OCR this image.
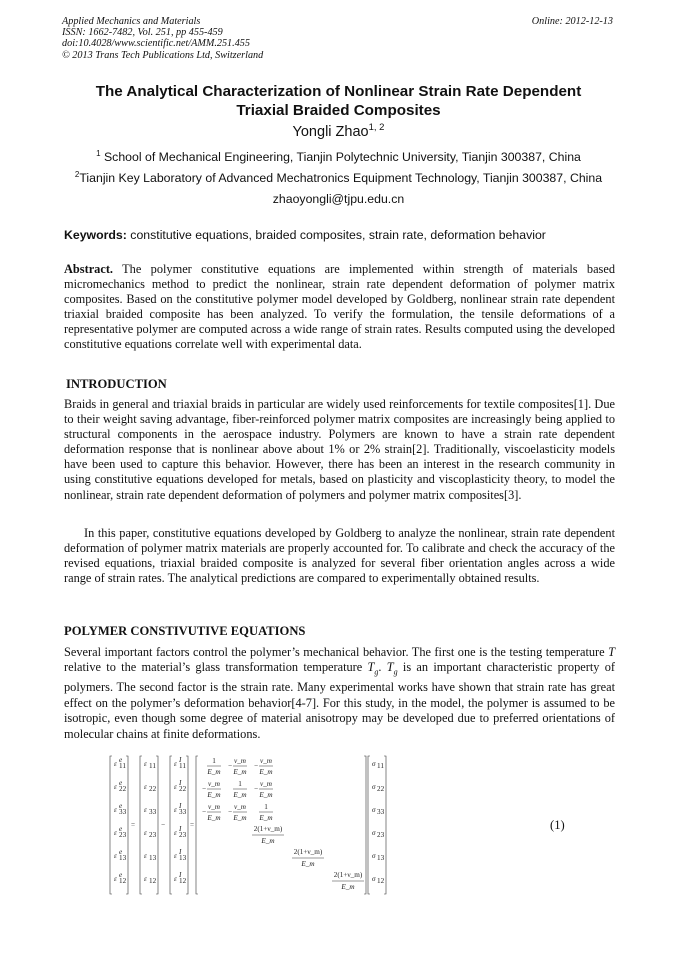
Applied Mechanics and Materials
ISSN: 1662-7482, Vol. 251, pp 455-459
doi:10.4028/www.scientific.net/AMM.251.455
© 2013 Trans Tech Publications Ltd, Switzerland
Online: 2012-12-13
The Analytical Characterization of Nonlinear Strain Rate Dependent
Triaxial Braided Composites
Yongli Zhao$^{1, 2}$
$^1$ School of Mechanical Engineering, Tianjin Polytechnic University, Tianjin 300387, China
$^2$Tianjin Key Laboratory of Advanced Mechatronics Equipment Technology, Tianjin 300387, China
zhaoyongli@tjpu.edu.cn
Keywords: constitutive equations, braided composites, strain rate, deformation behavior

Abstract. The polymer constitutive equations are implemented within strength of materials based micromechanics method to predict the nonlinear, strain rate dependent deformation of polymer matrix composites. Based on the constitutive polymer model developed by Goldberg, nonlinear strain rate dependent triaxial braided composite has been analyzed. To verify the formulation, the tensile deformations of a representative polymer are computed across a wide range of strain rates. Results computed using the developed constitutive equations correlate well with experimental data.

INTRODUCTION

Braids in general and triaxial braids in particular are widely used reinforcements for textile composites[1]. Due to their weight saving advantage, fiber-reinforced polymer matrix composites are increasingly being applied to structural components in the aerospace industry. Polymers are known to have a strain rate dependent deformation response that is nonlinear above about 1% or 2% strain[2]. Traditionally, viscoelasticity models have been used to capture this behavior. However, there has been an interest in the research community in using constitutive equations developed for metals, based on plasticity and viscoplasticity theory, to model the nonlinear, strain rate dependent deformation of polymers and polymer matrix composites[3].

In this paper, constitutive equations developed by Goldberg to analyze the nonlinear, strain rate dependent deformation of polymer matrix materials are properly accounted for. To calibrate and check the accuracy of the revised equations, triaxial braided composite is analyzed for several fiber orientation angles across a wide range of strain rates. The analytical predictions are compared to experimentally obtained results.

POLYMER CONSTIVUTIVE EQUATIONS

Several important factors control the polymer’s mechanical behavior. The first one is the testing temperature T relative to the material’s glass transformation temperature $T_g$. $T_g$ is an important characteristic property of polymers. The second factor is the strain rate. Many experimental works have shown that strain rate has great effect on the polymer’s deformation behavior[4-7]. For this study, in the model, the polymer is assumed to be isotropic, even though some degree of material anisotropy may be developed due to preferred orientations of molecular chains at finite deformations.

ε e
11
ε e
22
ε e
33
ε e
23
ε e
13
ε e
12
ε 11
ε 22
ε 33
ε 23
ε 13
ε 12
ε I
11
ε I
22
ε I
33
ε I
23
ε I
13
ε I
12
σ 11
σ 22
σ 33
σ 23
σ 13
σ 12
=	−	=
1
E_m
−
ν_m
E_m
−
ν_m
E_m
−
ν_m
E_m
1
E_m
−
ν_m
E_m
−
ν_m
E_m
−
ν_m
E_m
1
E_m
2(1+ν_m)
E_m
2(1+ν_m)
E_m
2(1+ν_m)
E_m
(1)
